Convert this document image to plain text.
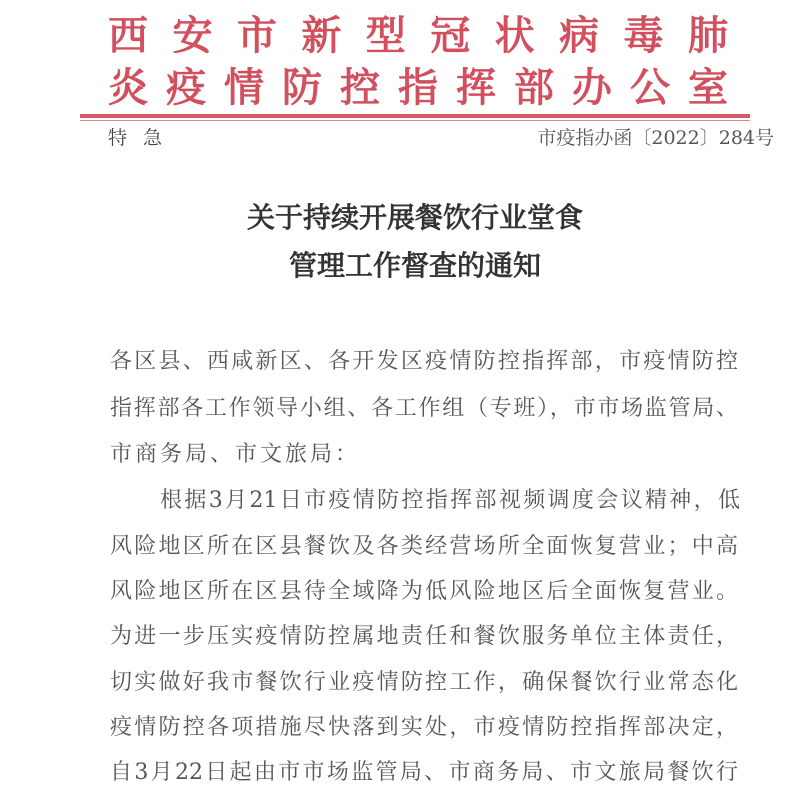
西安市新型冠状病毒肺
炎疫情防控指挥部办公室
特急	市疫指办函〔2022〕284号
关于持续开展餐饮行业堂食
管理工作督查的通知
各区县、西咸新区、各开发区疫情防控指挥部，市疫情防控
指挥部各工作领导小组、各工作组（专班），市市场监管局、
市商务局、市文旅局：
根据3月21日市疫情防控指挥部视频调度会议精神，低
风险地区所在区县餐饮及各类经营场所全面恢复营业；中高
风险地区所在区县待全域降为低风险地区后全面恢复营业。
为进一步压实疫情防控属地责任和餐饮服务单位主体责任，
切实做好我市餐饮行业疫情防控工作，确保餐饮行业常态化
疫情防控各项措施尽快落到实处，市疫情防控指挥部决定，
自3月22日起由市市场监管局、市商务局、市文旅局餐饮行
